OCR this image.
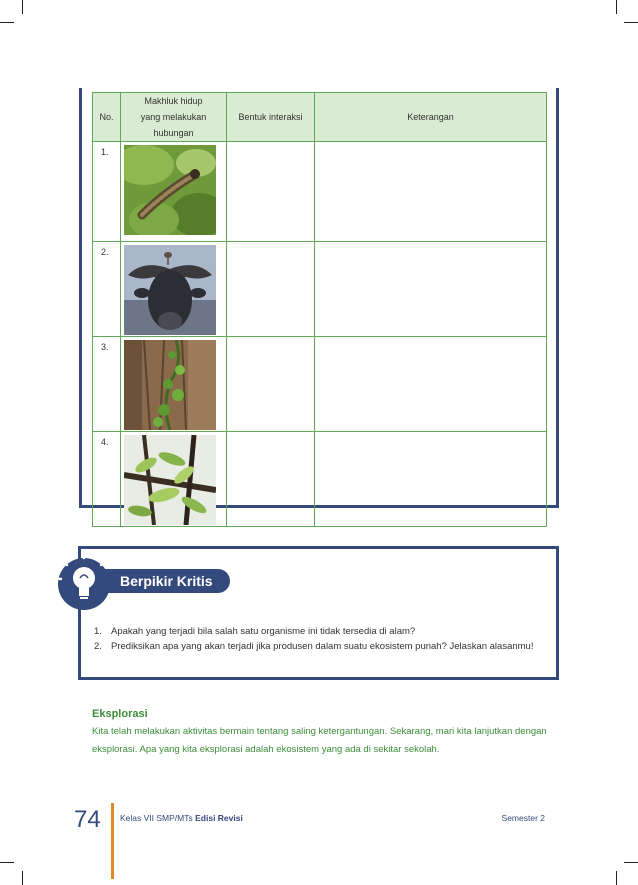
No.	Makhluk hidup yang melakukan hubungan	Bentuk interaksi	Keterangan
1.	

2.	

3.	

4.	

Berpikir Kritis
1. Apakah yang terjadi bila salah satu organisme ini tidak tersedia di alam?
2. Prediksikan apa yang akan terjadi jika produsen dalam suatu ekosistem punah? Jelaskan alasanmu!
Eksplorasi
Kita telah melakukan aktivitas bermain tentang saling ketergantungan. Sekarang, mari kita lanjutkan dengan eksplorasi. Apa yang kita eksplorasi adalah ekosistem yang ada di sekitar sekolah.
74 Kelas VII SMP/MTs Edisi Revisi	Semester 2
